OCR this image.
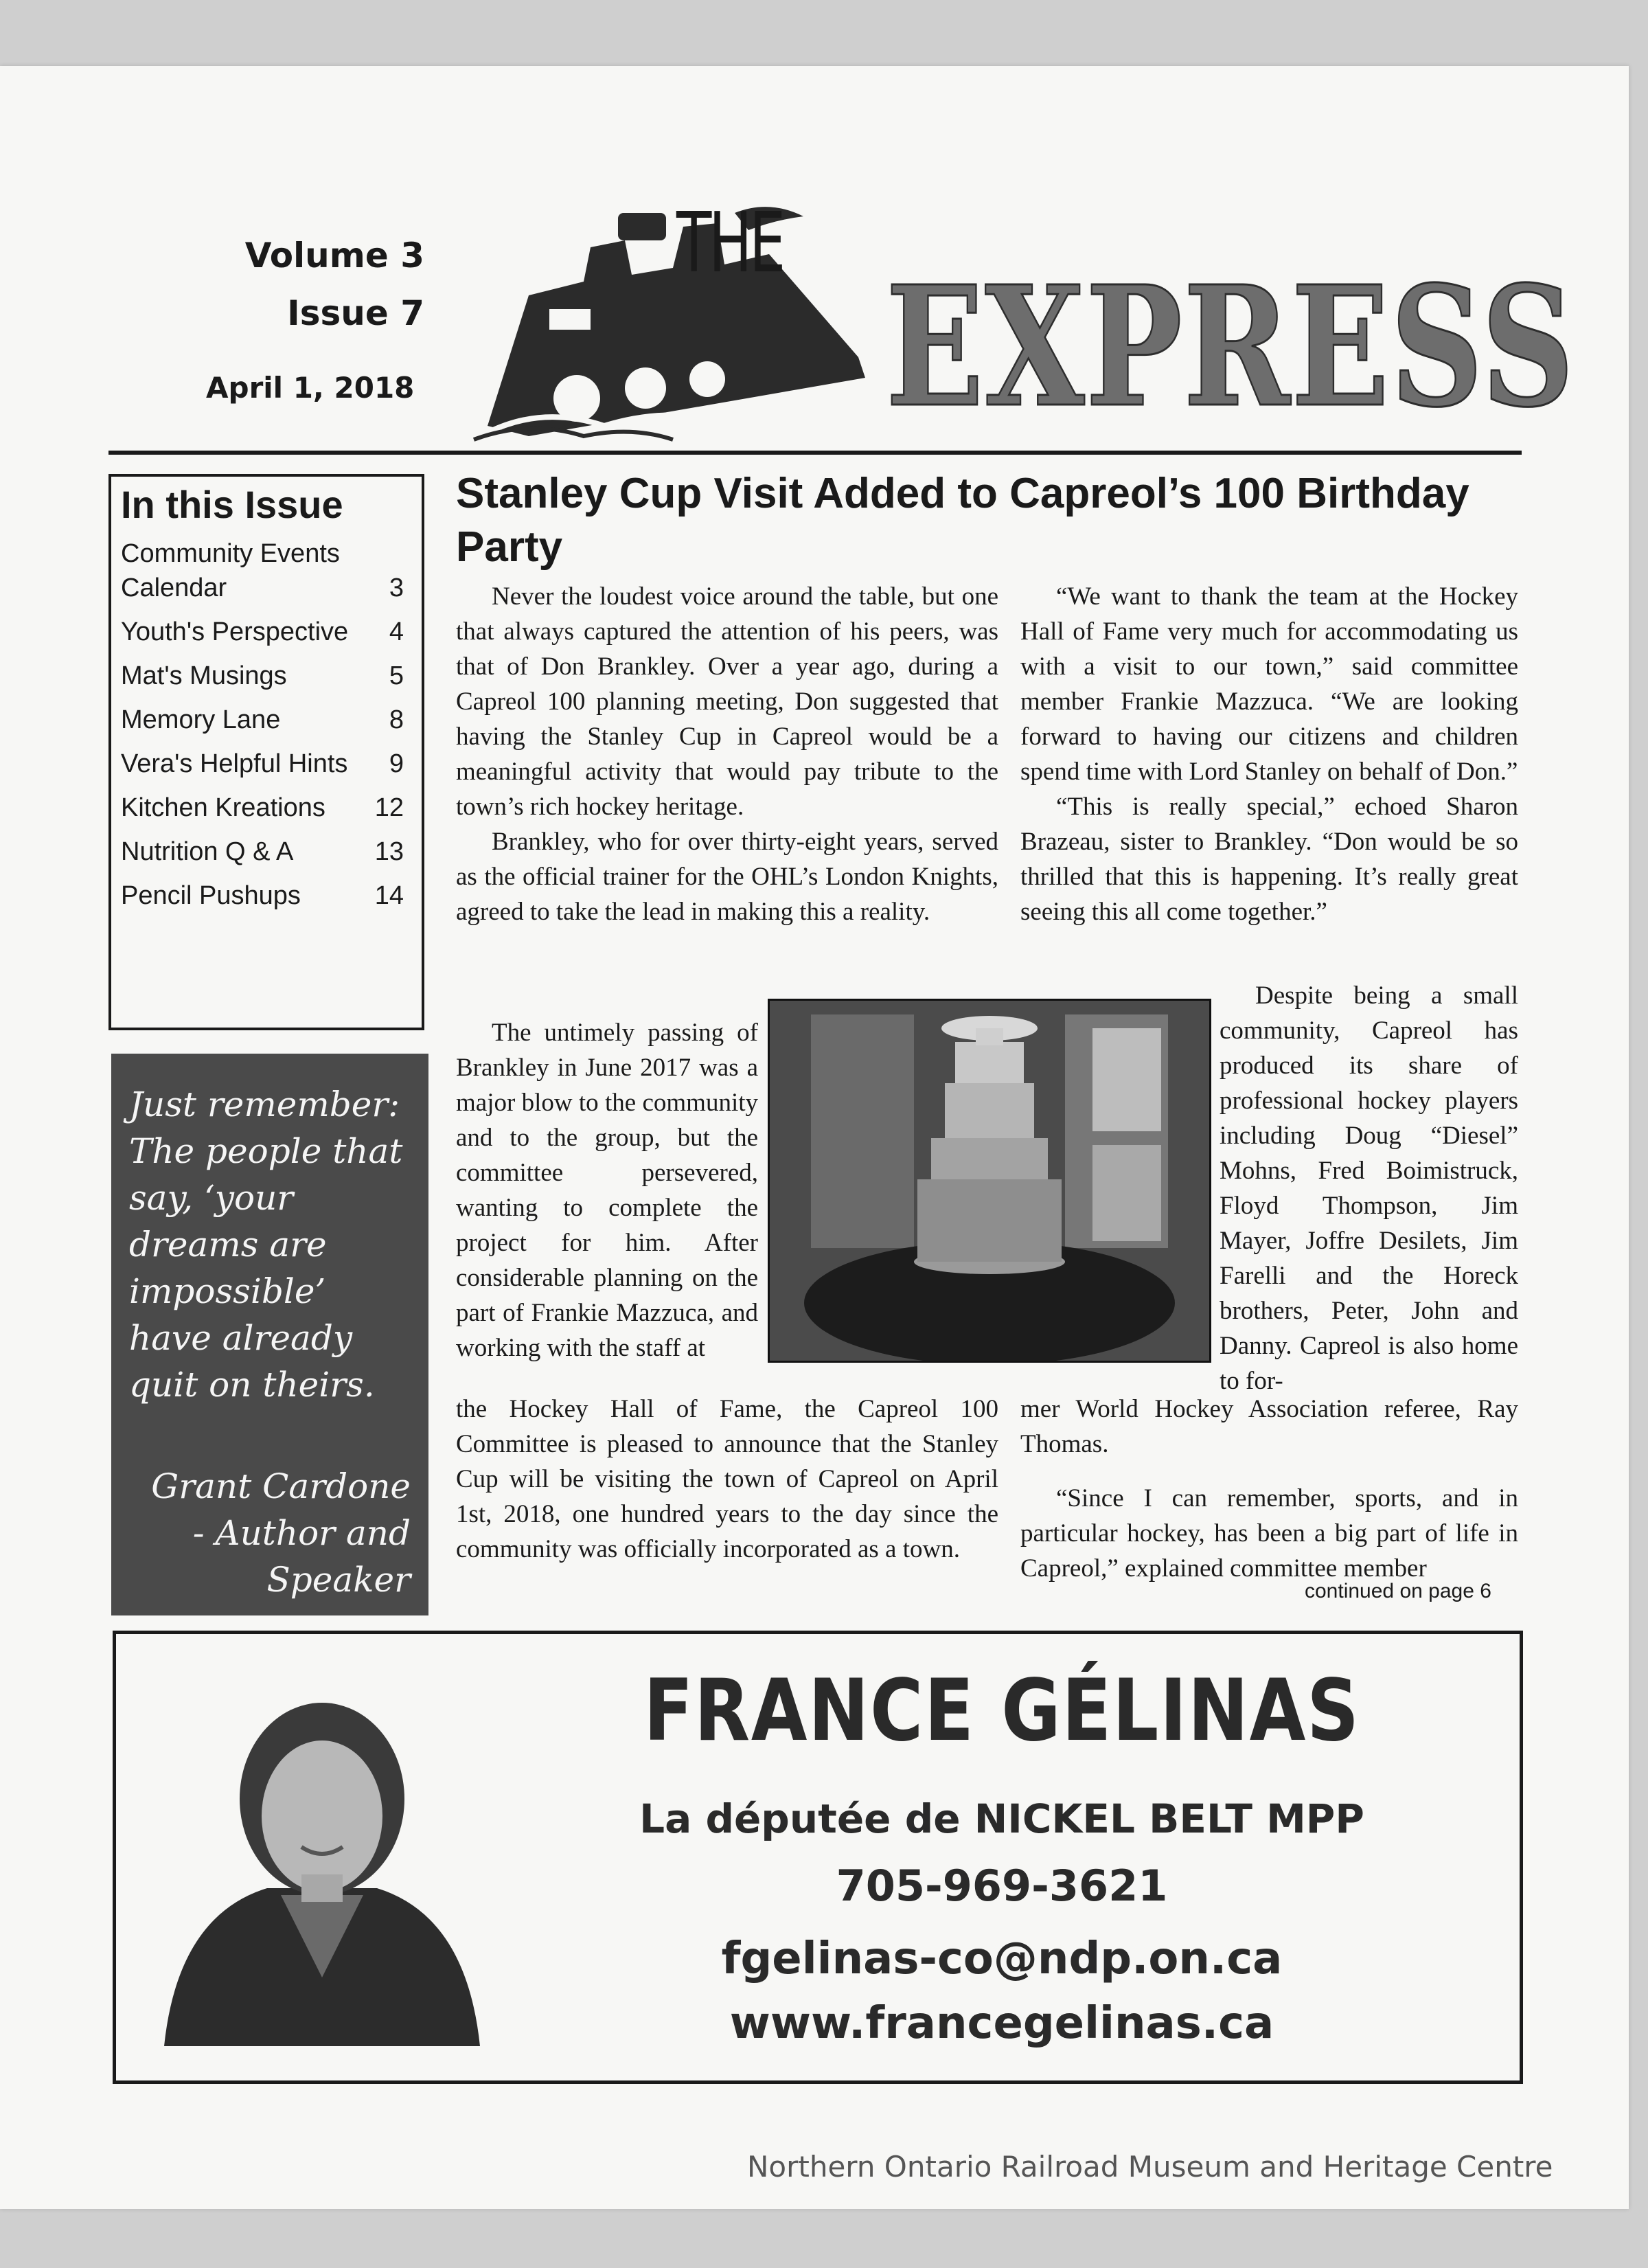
Volume 3
Issue 7
April 1, 2018
THE
EXPRESS
In this Issue
Community Events Calendar	3
Youth's Perspective 4
Mat's Musings	5
Memory Lane	8
Vera's Helpful Hints 9
Kitchen Kreations	12
Nutrition Q & A	13
Pencil Pushups	14
Just remember: The people that say, ‘your dreams are impossible’ have already quit on theirs.
Grant Cardone - Author and Speaker
Stanley Cup Visit Added to Capreol’s 100 Birthday Party

Never the loudest voice around the table, but one that always captured the attention of his peers, was that of Don Brankley. Over a year ago, during a Capreol 100 planning meeting, Don suggested that having the Stanley Cup in Capreol would be a meaningful activity that would pay tribute to the town’s rich hockey heritage.

Brankley, who for over thirty-eight years, served as the official trainer for the OHL’s London Knights, agreed to take the lead in making this a reality.

The untimely passing of Brankley in June 2017 was a major blow to the community and to the group, but the committee persevered, wanting to complete the project for him. After considerable planning on the part of Frankie Mazzuca, and working with the staff at

the Hockey Hall of Fame, the Capreol 100 Committee is pleased to announce that the Stanley Cup will be visiting the town of Capreol on April 1st, 2018, one hundred years to the day since the community was officially incorporated as a town.

“We want to thank the team at the Hockey Hall of Fame very much for accommodating us with a visit to our town,” said committee member Frankie Mazzuca. “We are looking forward to having our citizens and children spend time with Lord Stanley on behalf of Don.”

“This is really special,” echoed Sharon Brazeau, sister to Brankley. “Don would be so thrilled that this is happening. It’s really great seeing this all come together.”

Despite being a small community, Capreol has produced its share of professional hockey players including Doug “Diesel” Mohns, Fred Boimistruck, Floyd Thompson, Jim Mayer, Joffre Desilets, Jim Farelli and the Horeck brothers, Peter, John and Danny. Capreol is also home to for-

mer World Hockey Association referee, Ray Thomas.

“Since I can remember, sports, and in particular hockey, has been a big part of life in Capreol,” explained committee member

continued on page 6
FRANCE GÉLINAS
La députée de NICKEL BELT MPP
705-969-3621
fgelinas-co@ndp.on.ca
www.francegelinas.ca
Northern Ontario Railroad Museum and Heritage Centre
